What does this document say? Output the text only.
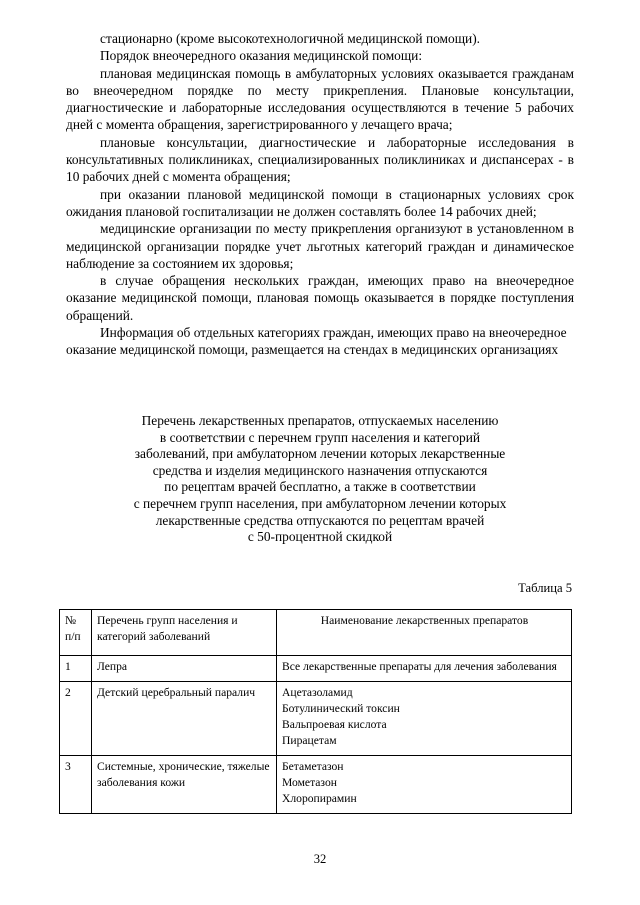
стационарно (кроме высокотехнологичной медицинской помощи).

Порядок внеочередного оказания медицинской помощи:

плановая медицинская помощь в амбулаторных условиях оказывается гражданам во внеочередном порядке по месту прикрепления. Плановые консультации, диагностические и лабораторные исследования осуществляются в течение 5 рабочих дней с момента обращения, зарегистрированного у лечащего врача;

плановые консультации, диагностические и лабораторные исследования в консультативных поликлиниках, специализированных поликлиниках и диспансерах - в 10 рабочих дней с момента обращения;

при оказании плановой медицинской помощи в стационарных условиях срок ожидания плановой госпитализации не должен составлять более 14 рабочих дней;

медицинские организации по месту прикрепления организуют в установленном в медицинской организации порядке учет льготных категорий граждан и динамическое наблюдение за состоянием их здоровья;

в случае обращения нескольких граждан, имеющих право на внеочередное оказание медицинской помощи, плановая помощь оказывается в порядке поступления обращений.

Информация об отдельных категориях граждан, имеющих право на внеочередное оказание медицинской помощи, размещается на стендах в медицинских организациях

Перечень лекарственных препаратов, отпускаемых населению
в соответствии с перечнем групп населения и категорий
заболеваний, при амбулаторном лечении которых лекарственные
средства и изделия медицинского назначения отпускаются
по рецептам врачей бесплатно, а также в соответствии
с перечнем групп населения, при амбулаторном лечении которых
лекарственные средства отпускаются по рецептам врачей
с 50-процентной скидкой
Таблица 5
№
п/п	Перечень групп населения и категорий заболеваний	Наименование лекарственных препаратов
1	Лепра	Все лекарственные препараты для лечения заболевания

2	Детский церебральный паралич	Ацетазоламид
Ботулинический токсин
Вальпроевая кислота
Пирацетам

3	Системные, хронические, тяжелые заболевания кожи	Бетаметазон
Мометазон
Хлоропирамин
32
